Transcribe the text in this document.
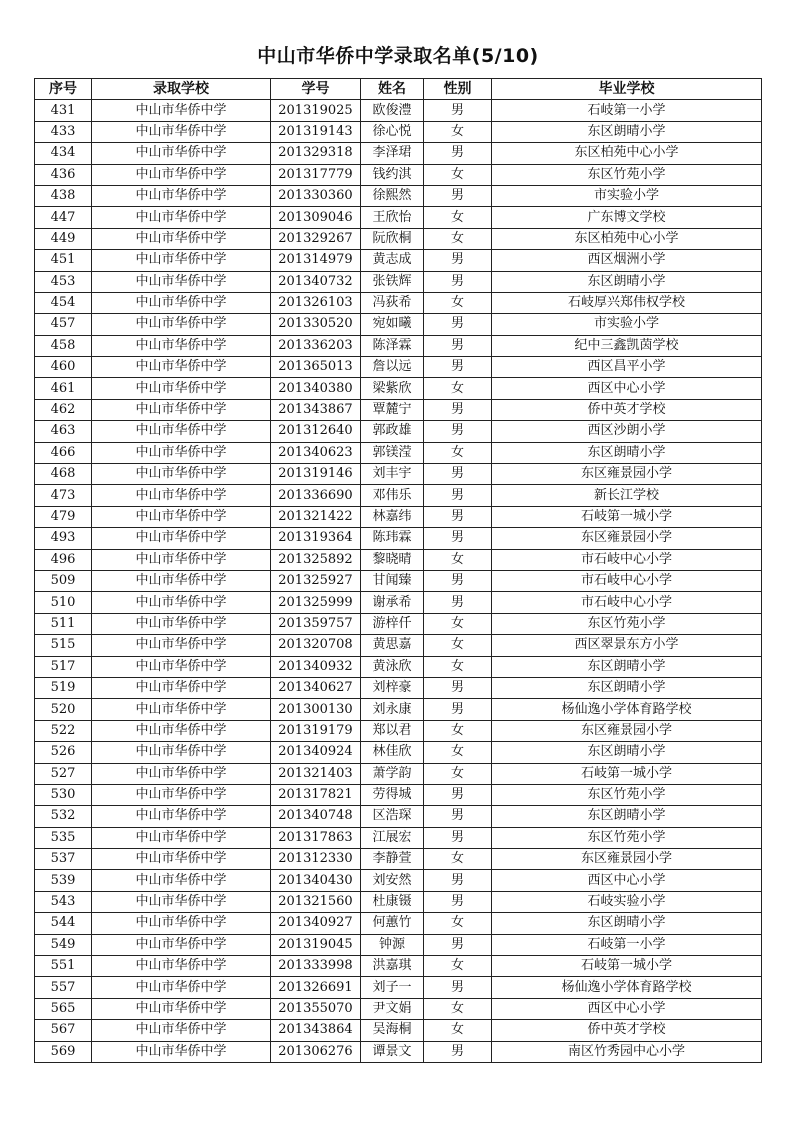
中山市华侨中学录取名单(5/10)
序号	录取学校	学号	姓名	性别	毕业学校
431	中山市华侨中学	201319025	欧俊澧	男	石岐第一小学
433	中山市华侨中学	201319143	徐心悦	女	东区朗晴小学
434	中山市华侨中学	201329318	李泽珺	男	东区柏苑中心小学
436	中山市华侨中学	201317779	钱约淇	女	东区竹苑小学
438	中山市华侨中学	201330360	徐熙然	男	市实验小学
447	中山市华侨中学	201309046	王欣怡	女	广东博文学校
449	中山市华侨中学	201329267	阮欣桐	女	东区柏苑中心小学
451	中山市华侨中学	201314979	黄志成	男	西区烟洲小学
453	中山市华侨中学	201340732	张铁辉	男	东区朗晴小学
454	中山市华侨中学	201326103	冯荻希	女	石岐厚兴郑伟权学校
457	中山市华侨中学	201330520	宛如曦	男	市实验小学
458	中山市华侨中学	201336203	陈泽霖	男	纪中三鑫凯茵学校
460	中山市华侨中学	201365013	詹以远	男	西区昌平小学
461	中山市华侨中学	201340380	梁紫欣	女	西区中心小学
462	中山市华侨中学	201343867	覃麓宁	男	侨中英才学校
463	中山市华侨中学	201312640	郭政雄	男	西区沙朗小学
466	中山市华侨中学	201340623	郭镁滢	女	东区朗晴小学
468	中山市华侨中学	201319146	刘丰宇	男	东区雍景园小学
473	中山市华侨中学	201336690	邓伟乐	男	新长江学校
479	中山市华侨中学	201321422	林嘉纬	男	石岐第一城小学
493	中山市华侨中学	201319364	陈玮霖	男	东区雍景园小学
496	中山市华侨中学	201325892	黎晓晴	女	市石岐中心小学
509	中山市华侨中学	201325927	甘闻臻	男	市石岐中心小学
510	中山市华侨中学	201325999	谢承希	男	市石岐中心小学
511	中山市华侨中学	201359757	游梓仟	女	东区竹苑小学
515	中山市华侨中学	201320708	黄思嘉	女	西区翠景东方小学
517	中山市华侨中学	201340932	黄泳欣	女	东区朗晴小学
519	中山市华侨中学	201340627	刘梓豪	男	东区朗晴小学
520	中山市华侨中学	201300130	刘永康	男	杨仙逸小学体育路学校
522	中山市华侨中学	201319179	郑以君	女	东区雍景园小学
526	中山市华侨中学	201340924	林佳欣	女	东区朗晴小学
527	中山市华侨中学	201321403	萧学韵	女	石岐第一城小学
530	中山市华侨中学	201317821	劳得城	男	东区竹苑小学
532	中山市华侨中学	201340748	区浩琛	男	东区朗晴小学
535	中山市华侨中学	201317863	江展宏	男	东区竹苑小学
537	中山市华侨中学	201312330	李静萱	女	东区雍景园小学
539	中山市华侨中学	201340430	刘安然	男	西区中心小学
543	中山市华侨中学	201321560	杜康镊	男	石岐实验小学
544	中山市华侨中学	201340927	何蕙竹	女	东区朗晴小学
549	中山市华侨中学	201319045	钟源	男	石岐第一小学
551	中山市华侨中学	201333998	洪嘉琪	女	石岐第一城小学
557	中山市华侨中学	201326691	刘子一	男	杨仙逸小学体育路学校
565	中山市华侨中学	201355070	尹文娟	女	西区中心小学
567	中山市华侨中学	201343864	吴海桐	女	侨中英才学校
569	中山市华侨中学	201306276	谭景文	男	南区竹秀园中心小学
